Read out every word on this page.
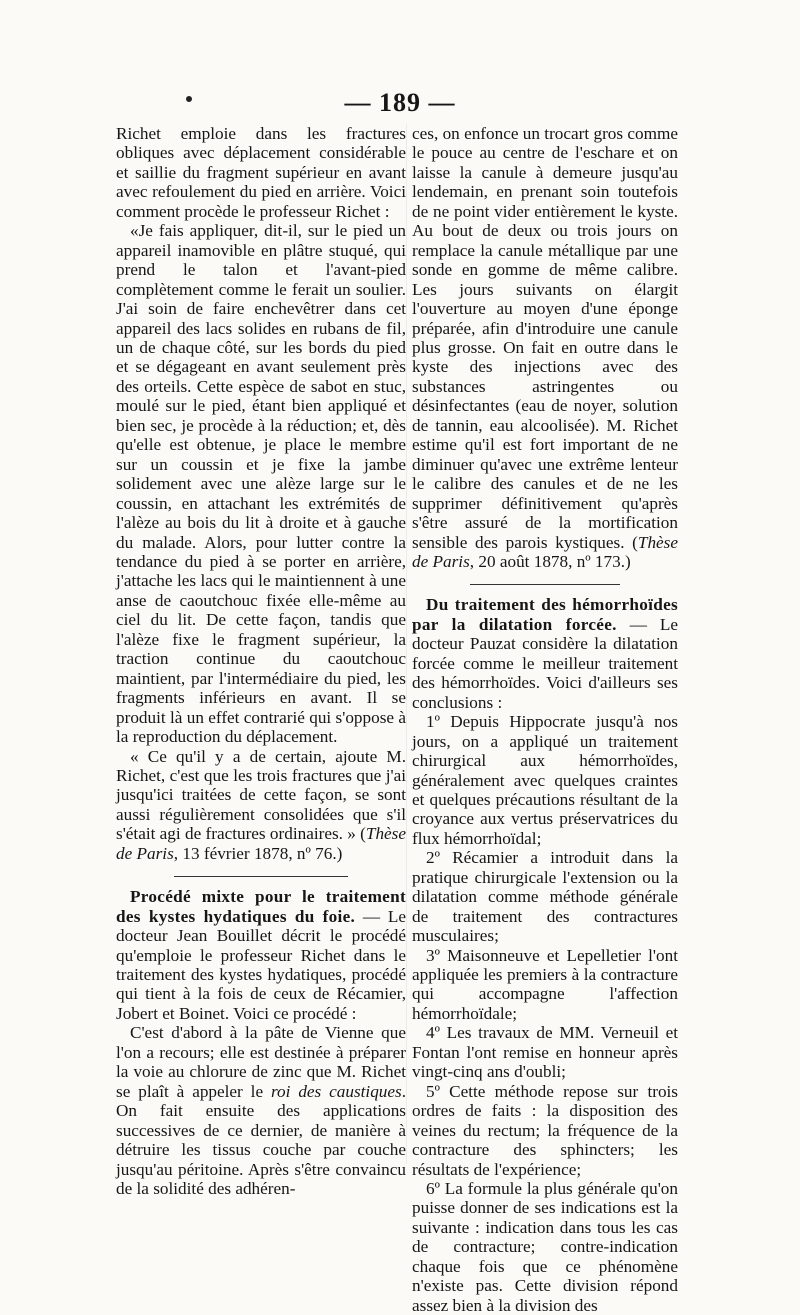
— 189 —

Richet emploie dans les fractures obliques avec déplacement considérable et saillie du fragment supérieur en avant avec refoulement du pied en arrière. Voici comment procède le professeur Richet :

«Je fais appliquer, dit-il, sur le pied un appareil inamovible en plâtre stuqué, qui prend le talon et l'avant-pied complètement comme le ferait un soulier. J'ai soin de faire enchevêtrer dans cet appareil des lacs solides en rubans de fil, un de chaque côté, sur les bords du pied et se dégageant en avant seulement près des orteils. Cette espèce de sabot en stuc, moulé sur le pied, étant bien appliqué et bien sec, je procède à la réduction; et, dès qu'elle est obtenue, je place le membre sur un coussin et je fixe la jambe solidement avec une alèze large sur le coussin, en attachant les extrémités de l'alèze au bois du lit à droite et à gauche du malade. Alors, pour lutter contre la tendance du pied à se porter en arrière, j'attache les lacs qui le maintiennent à une anse de caoutchouc fixée elle-même au ciel du lit. De cette façon, tandis que l'alèze fixe le fragment supérieur, la traction continue du caoutchouc maintient, par l'intermédiaire du pied, les fragments inférieurs en avant. Il se produit là un effet contrarié qui s'oppose à la reproduction du déplacement.

« Ce qu'il y a de certain, ajoute M. Richet, c'est que les trois fractures que j'ai jusqu'ici traitées de cette façon, se sont aussi régulièrement consolidées que s'il s'était agi de fractures ordinaires. » (Thèse de Paris, 13 février 1878, nº 76.)

Procédé mixte pour le traitement des kystes hydatiques du foie. — Le docteur Jean Bouillet décrit le procédé qu'emploie le professeur Richet dans le traitement des kystes hydatiques, procédé qui tient à la fois de ceux de Récamier, Jobert et Boinet. Voici ce procédé :

C'est d'abord à la pâte de Vienne que l'on a recours; elle est destinée à préparer la voie au chlorure de zinc que M. Richet se plaît à appeler le roi des caustiques. On fait ensuite des applications successives de ce dernier, de manière à détruire les tissus couche par couche jusqu'au péritoine. Après s'être convaincu de la solidité des adhéren-

ces, on enfonce un trocart gros comme le pouce au centre de l'eschare et on laisse la canule à demeure jusqu'au lendemain, en prenant soin toutefois de ne point vider entièrement le kyste. Au bout de deux ou trois jours on remplace la canule métallique par une sonde en gomme de même calibre. Les jours suivants on élargit l'ouverture au moyen d'une éponge préparée, afin d'introduire une canule plus grosse. On fait en outre dans le kyste des injections avec des substances astringentes ou désinfectantes (eau de noyer, solution de tannin, eau alcoolisée). M. Richet estime qu'il est fort important de ne diminuer qu'avec une extrême lenteur le calibre des canules et de ne les supprimer définitivement qu'après s'être assuré de la mortification sensible des parois kystiques. (Thèse de Paris, 20 août 1878, nº 173.)

Du traitement des hémorrhoïdes par la dilatation forcée. — Le docteur Pauzat considère la dilatation forcée comme le meilleur traitement des hémorrhoïdes. Voici d'ailleurs ses conclusions :

1º Depuis Hippocrate jusqu'à nos jours, on a appliqué un traitement chirurgical aux hémorrhoïdes, généralement avec quelques craintes et quelques précautions résultant de la croyance aux vertus préservatrices du flux hémorrhoïdal;

2º Récamier a introduit dans la pratique chirurgicale l'extension ou la dilatation comme méthode générale de traitement des contractures musculaires;

3º Maisonneuve et Lepelletier l'ont appliquée les premiers à la contracture qui accompagne l'affection hémorrhoïdale;

4º Les travaux de MM. Verneuil et Fontan l'ont remise en honneur après vingt-cinq ans d'oubli;

5º Cette méthode repose sur trois ordres de faits : la disposition des veines du rectum; la fréquence de la contracture des sphincters; les résultats de l'expérience;

6º La formule la plus générale qu'on puisse donner de ses indications est la suivante : indication dans tous les cas de contracture; contre-indication chaque fois que ce phénomène n'existe pas. Cette division répond assez bien à la division des
